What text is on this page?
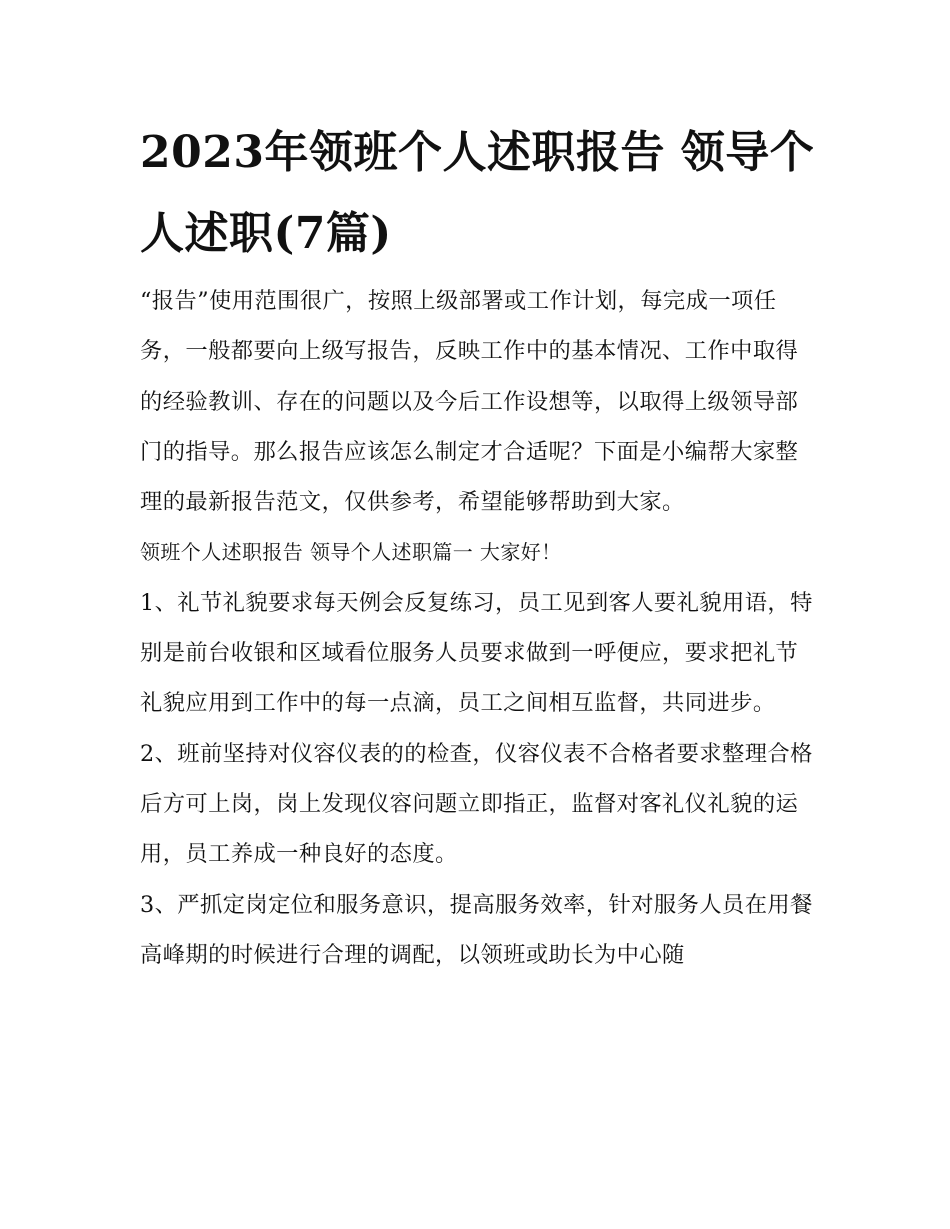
2023年领班个人述职报告 领导个人述职(7篇)

“报告”使用范围很广，按照上级部署或工作计划，每完成一项任务，一般都要向上级写报告，反映工作中的基本情况、工作中取得的经验教训、存在的问题以及今后工作设想等，以取得上级领导部门的指导。那么报告应该怎么制定才合适呢？下面是小编帮大家整理的最新报告范文，仅供参考，希望能够帮助到大家。

领班个人述职报告 领导个人述职篇一 大家好！

1、礼节礼貌要求每天例会反复练习，员工见到客人要礼貌用语，特别是前台收银和区域看位服务人员要求做到一呼便应，要求把礼节礼貌应用到工作中的每一点滴，员工之间相互监督，共同进步。

2、班前坚持对仪容仪表的的检查，仪容仪表不合格者要求整理合格后方可上岗，岗上发现仪容问题立即指正，监督对客礼仪礼貌的运用，员工养成一种良好的态度。

3、严抓定岗定位和服务意识，提高服务效率，针对服务人员在用餐高峰期的时候进行合理的调配，以领班或助长为中心随
